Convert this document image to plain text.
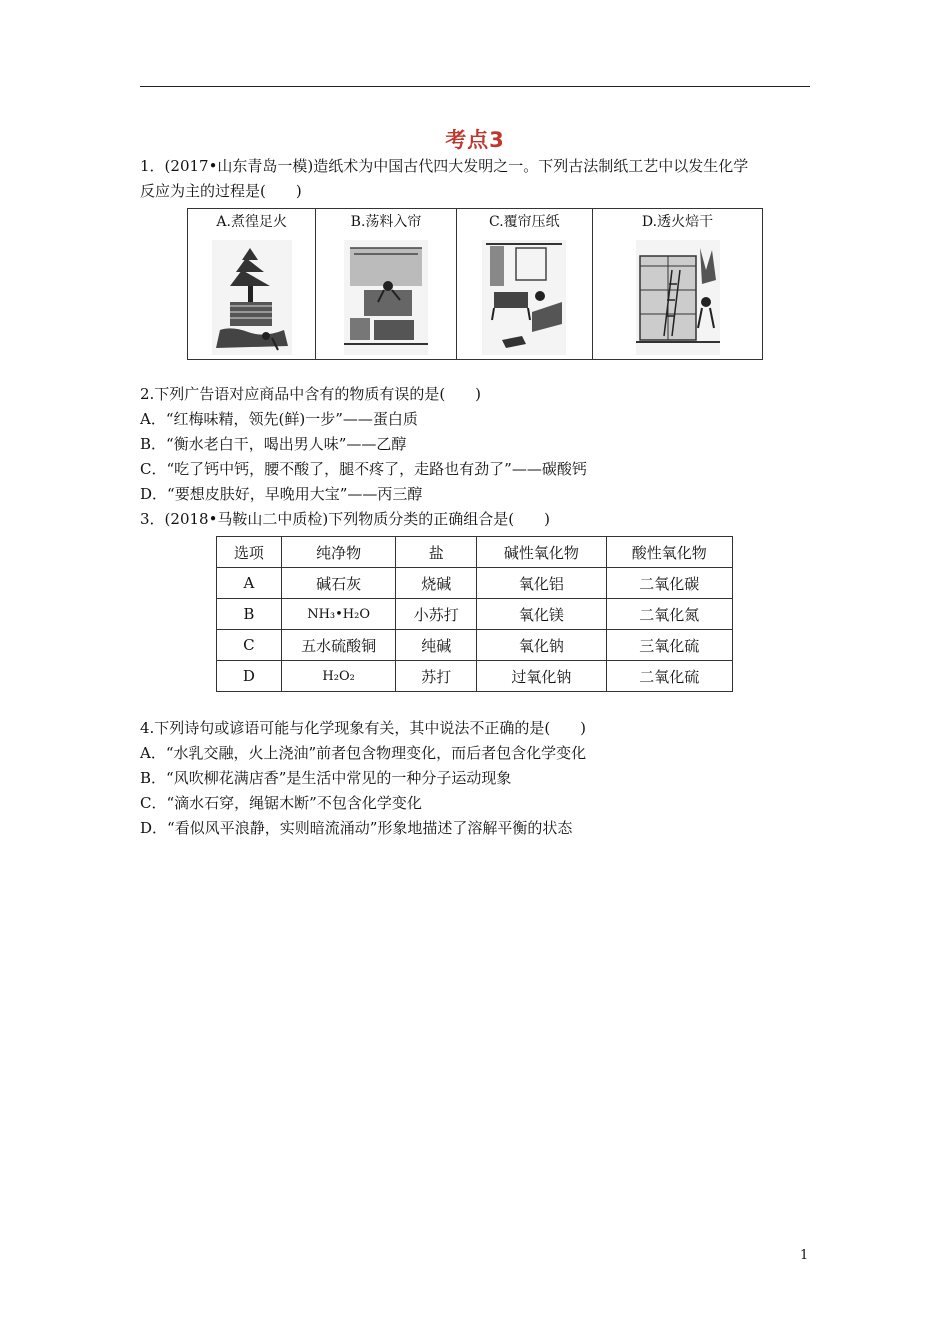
考点3
1．(2017•山东青岛一模)造纸术为中国古代四大发明之一。下列古法制纸工艺中以发生化学
反应为主的过程是(　　)
A.煮徨足火	B.荡料入帘	C.覆帘压纸	D.透火焙干
2.下列广告语对应商品中含有的物质有误的是(　　)
A．“红梅味精，领先(鲜)一步”——蛋白质
B．“衡水老白干，喝出男人味”——乙醇
C．“吃了钙中钙，腰不酸了，腿不疼了，走路也有劲了”——碳酸钙
D．“要想皮肤好，早晚用大宝”——丙三醇
3．(2018•马鞍山二中质检)下列物质分类的正确组合是(　　)
选项	纯净物	盐	碱性氧化物	酸性氧化物
A	碱石灰	烧碱	氧化铝	二氧化碳
B	NH₃•H₂O	小苏打	氧化镁	二氧化氮
C	五水硫酸铜	纯碱	氧化钠	三氧化硫
D	H₂O₂	苏打	过氧化钠	二氧化硫
4.下列诗句或谚语可能与化学现象有关，其中说法不正确的是(　　)
A．“水乳交融，火上浇油”前者包含物理变化，而后者包含化学变化
B．“风吹柳花满店香”是生活中常见的一种分子运动现象
C．“滴水石穿，绳锯木断”不包含化学变化
D．“看似风平浪静，实则暗流涌动”形象地描述了溶解平衡的状态
1
